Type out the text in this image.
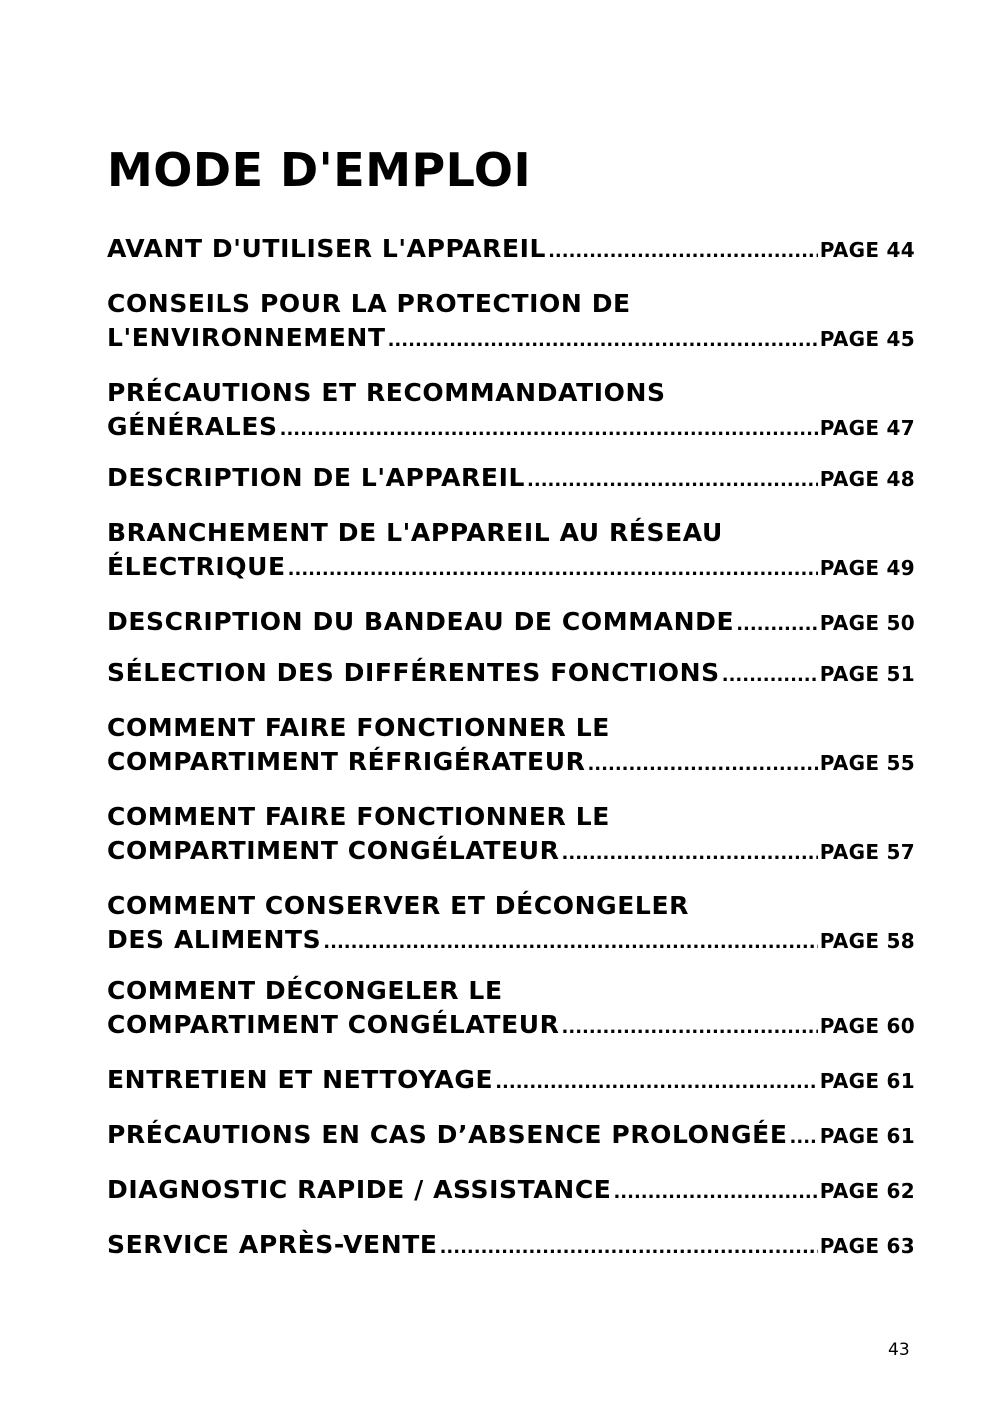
MODE D'EMPLOI
AVANT D'UTILISER L'APPAREIL .....	PAGE 44
CONSEILS POUR LA PROTECTION DE
L'ENVIRONNEMENT .....	PAGE 45
PRÉCAUTIONS ET RECOMMANDATIONS
GÉNÉRALES .....	PAGE 47
DESCRIPTION DE L'APPAREIL .....	PAGE 48
BRANCHEMENT DE L'APPAREIL AU RÉSEAU
ÉLECTRIQUE .....	PAGE 49
DESCRIPTION DU BANDEAU DE COMMANDE .....	PAGE 50
SÉLECTION DES DIFFÉRENTES FONCTIONS .....	PAGE 51
COMMENT FAIRE FONCTIONNER LE
COMPARTIMENT RÉFRIGÉRATEUR .....	PAGE 55
COMMENT FAIRE FONCTIONNER LE
COMPARTIMENT CONGÉLATEUR .....	PAGE 57
COMMENT CONSERVER ET DÉCONGELER
DES ALIMENTS .....	PAGE 58
COMMENT DÉCONGELER LE
COMPARTIMENT CONGÉLATEUR .....	PAGE 60
ENTRETIEN ET NETTOYAGE .....	PAGE 61
PRÉCAUTIONS EN CAS D’ABSENCE PROLONGÉE ..... PAGE 61
DIAGNOSTIC RAPIDE / ASSISTANCE .....	PAGE 62
SERVICE APRÈS-VENTE .....	PAGE 63
43
